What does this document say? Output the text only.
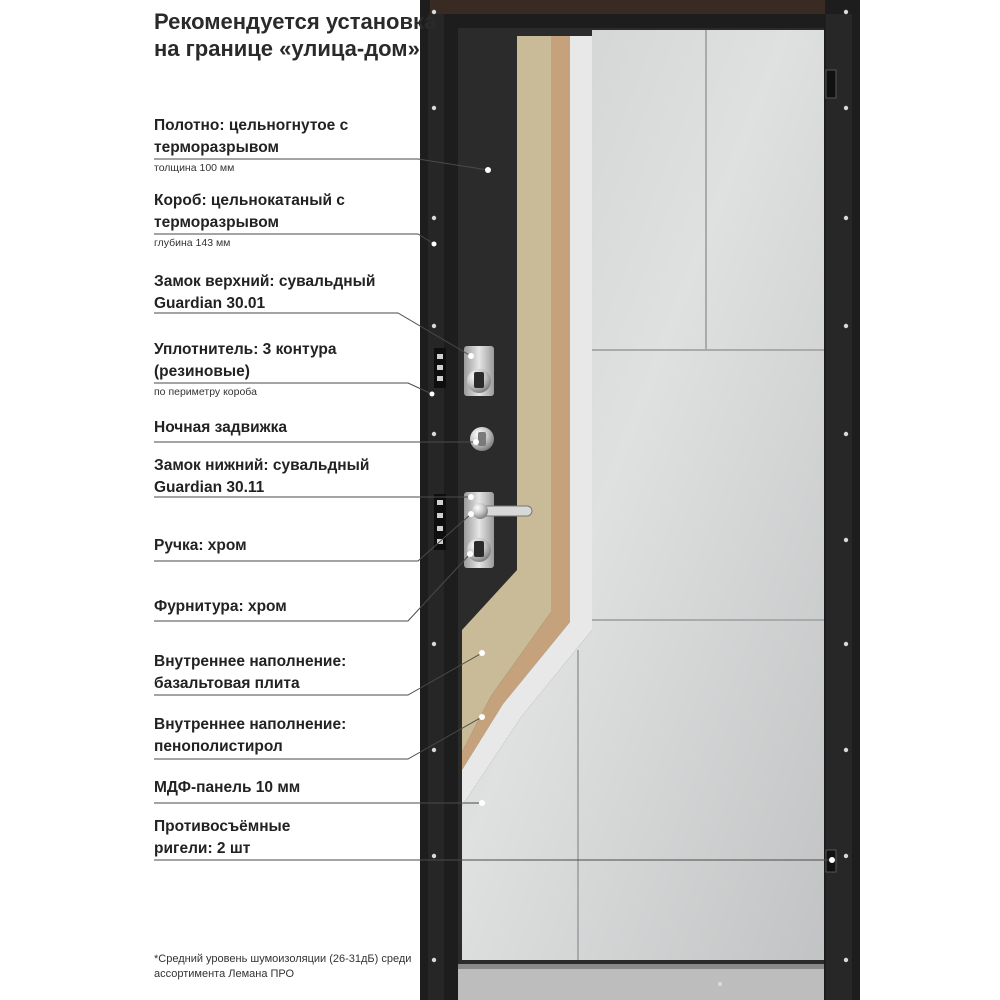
Рекомендуется установка на границе «улица-дом»
Полотно: цельногнутое с терморазрывом
толщина 100 мм
Короб: цельнокатаный с терморазрывом
глубина 143 мм
Замок верхний: сувальдный Guardian 30.01
Уплотнитель: 3 контура (резиновые)
по периметру короба
Ночная задвижка
Замок нижний: сувальдный Guardian 30.11
Ручка: хром
Фурнитура: хром
Внутреннее наполнение: базальтовая плита
Внутреннее наполнение: пенополистирол
МДФ-панель 10 мм
Противосъёмные ригели: 2 шт
*Средний уровень шумоизоляции (26-31дБ) среди ассортимента Лемана ПРО
